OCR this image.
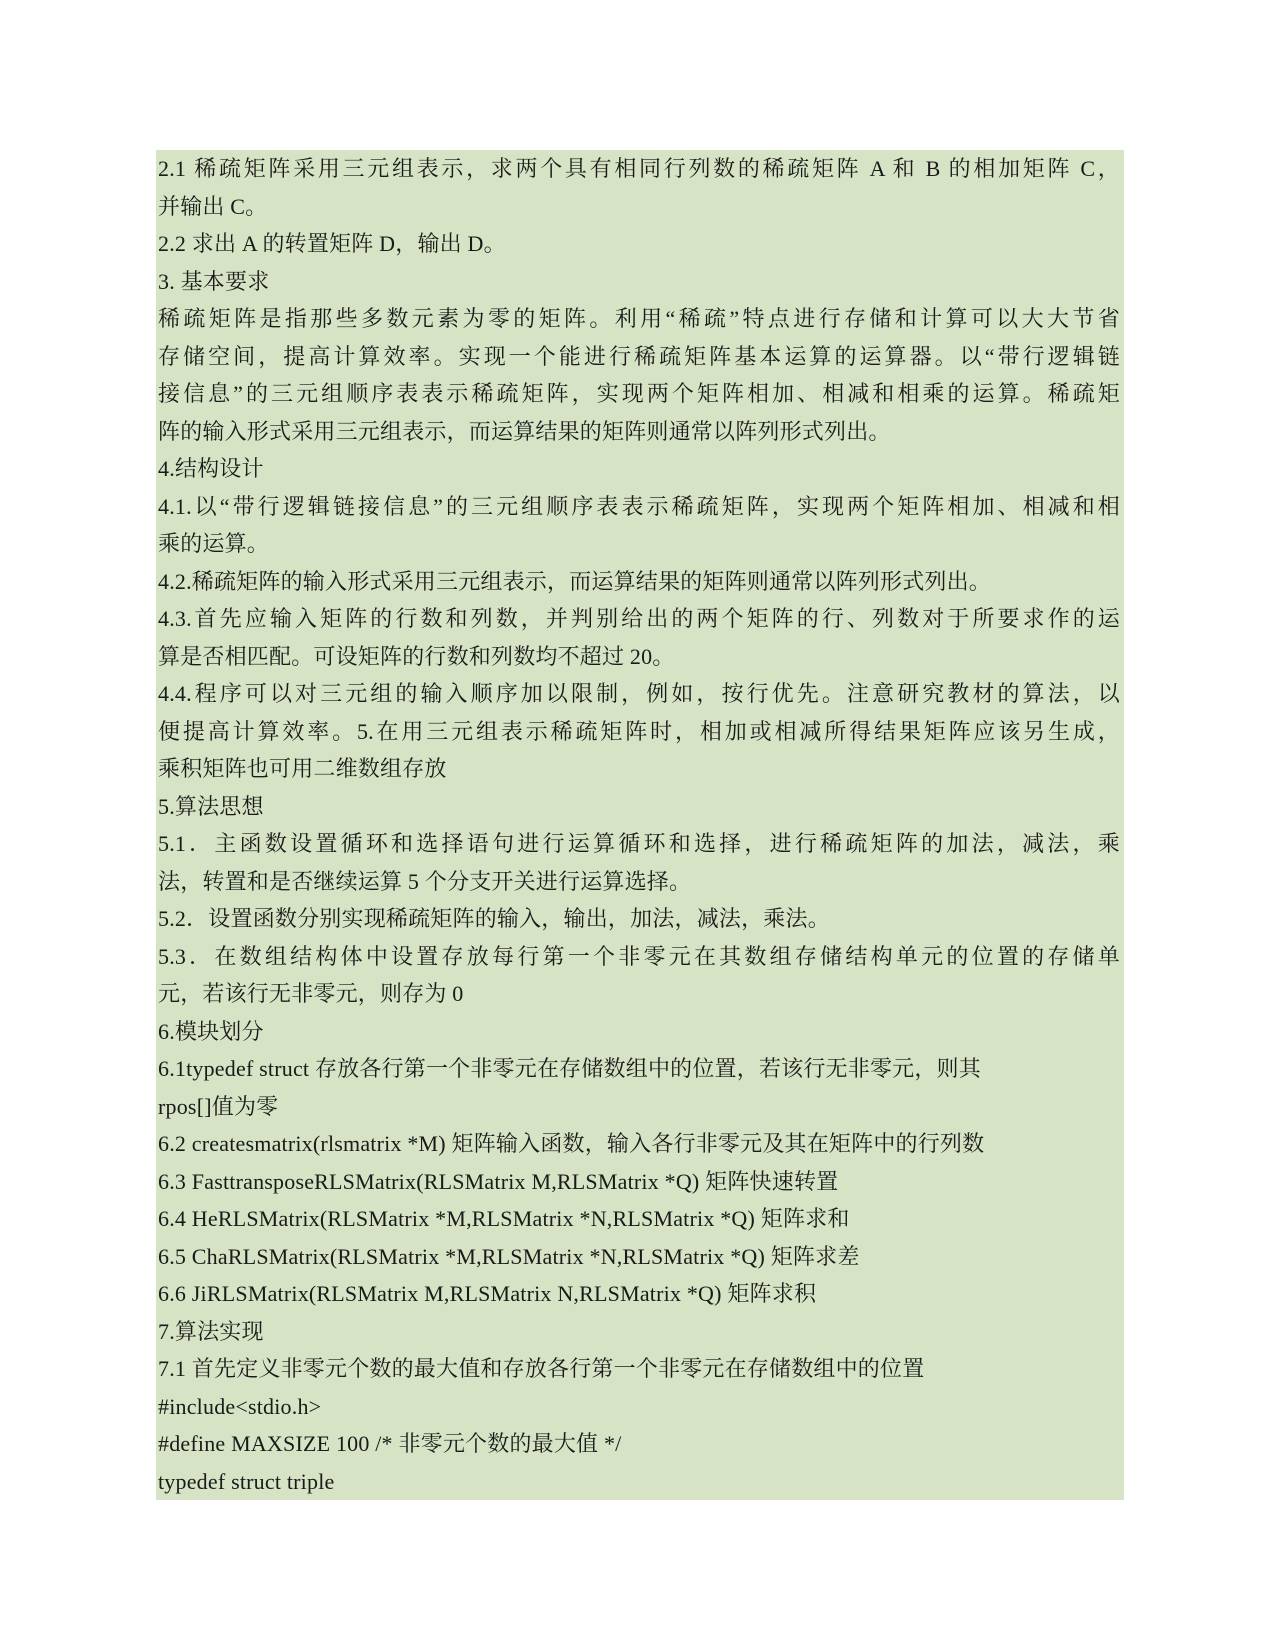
2.1 稀疏矩阵采用三元组表示，求两个具有相同行列数的稀疏矩阵 A 和 B 的相加矩阵 C，
并输出 C。
2.2 求出 A 的转置矩阵 D，输出 D。
3. 基本要求
稀疏矩阵是指那些多数元素为零的矩阵。利用“稀疏”特点进行存储和计算可以大大节省
存储空间，提高计算效率。实现一个能进行稀疏矩阵基本运算的运算器。以“带行逻辑链
接信息”的三元组顺序表表示稀疏矩阵，实现两个矩阵相加、相减和相乘的运算。稀疏矩
阵的输入形式采用三元组表示，而运算结果的矩阵则通常以阵列形式列出。
4.结构设计
4.1.以“带行逻辑链接信息”的三元组顺序表表示稀疏矩阵，实现两个矩阵相加、相减和相
乘的运算。
4.2.稀疏矩阵的输入形式采用三元组表示，而运算结果的矩阵则通常以阵列形式列出。
4.3.首先应输入矩阵的行数和列数，并判别给出的两个矩阵的行、列数对于所要求作的运
算是否相匹配。可设矩阵的行数和列数均不超过 20。
4.4.程序可以对三元组的输入顺序加以限制，例如，按行优先。注意研究教材的算法，以
便提高计算效率。5.在用三元组表示稀疏矩阵时，相加或相减所得结果矩阵应该另生成，
乘积矩阵也可用二维数组存放
5.算法思想
5.1．主函数设置循环和选择语句进行运算循环和选择，进行稀疏矩阵的加法，减法，乘
法，转置和是否继续运算 5 个分支开关进行运算选择。
5.2．设置函数分别实现稀疏矩阵的输入，输出，加法，减法，乘法。
5.3．在数组结构体中设置存放每行第一个非零元在其数组存储结构单元的位置的存储单
元，若该行无非零元，则存为 0
6.模块划分
6.1typedef struct 存放各行第一个非零元在存储数组中的位置，若该行无非零元，则其
rpos[]值为零
6.2 createsmatrix(rlsmatrix *M) 矩阵输入函数，输入各行非零元及其在矩阵中的行列数
6.3 FasttransposeRLSMatrix(RLSMatrix M,RLSMatrix *Q) 矩阵快速转置
6.4 HeRLSMatrix(RLSMatrix *M,RLSMatrix *N,RLSMatrix *Q) 矩阵求和
6.5 ChaRLSMatrix(RLSMatrix *M,RLSMatrix *N,RLSMatrix *Q) 矩阵求差
6.6 JiRLSMatrix(RLSMatrix M,RLSMatrix N,RLSMatrix *Q) 矩阵求积
7.算法实现
7.1 首先定义非零元个数的最大值和存放各行第一个非零元在存储数组中的位置
#include<stdio.h>
#define MAXSIZE 100 /* 非零元个数的最大值 */
typedef struct triple
